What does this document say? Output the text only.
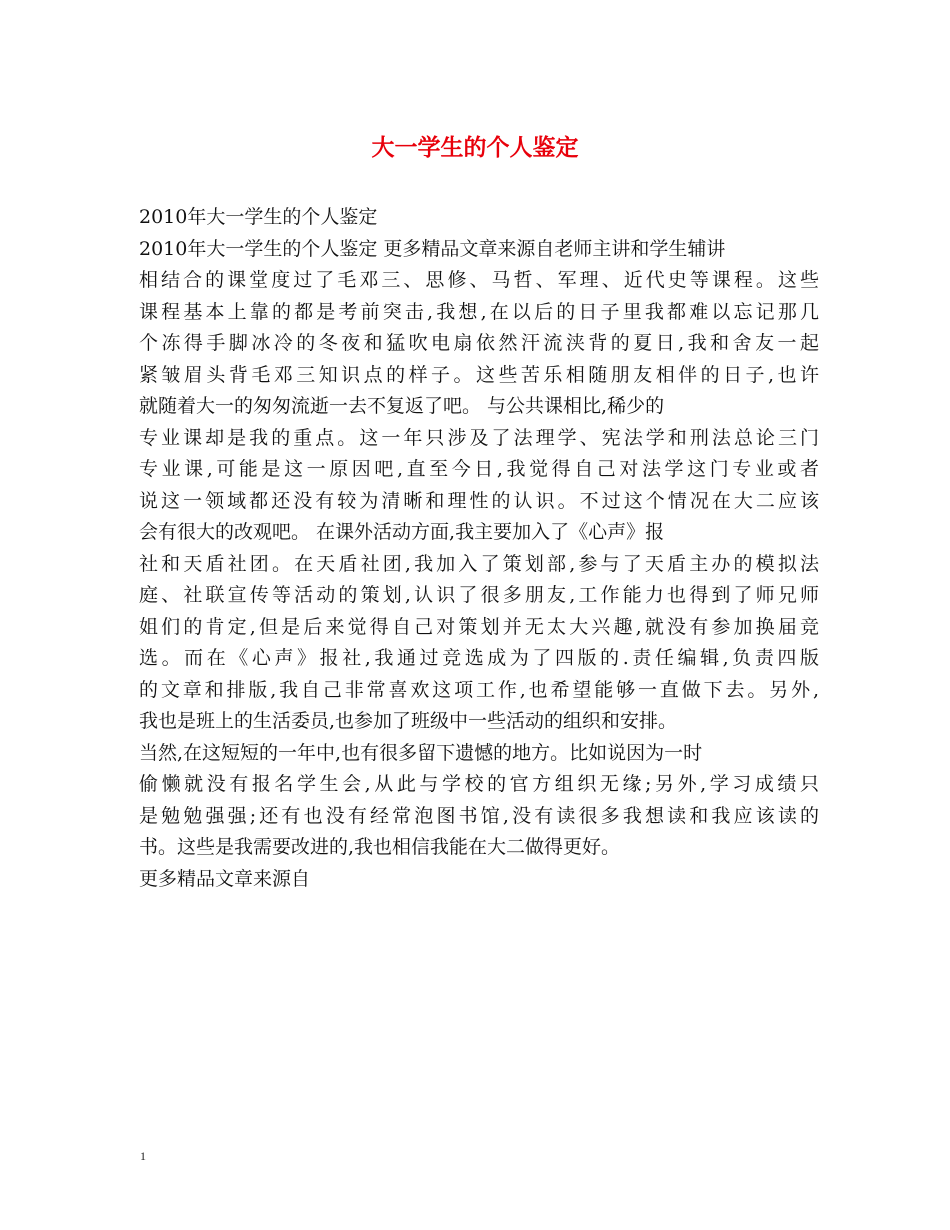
大一学生的个人鉴定
2010年大一学生的个人鉴定
2010年大一学生的个人鉴定 更多精品文章来源自老师主讲和学生辅讲
相结合的课堂度过了毛邓三、思修、马哲、军理、近代史等课程。这些
课程基本上靠的都是考前突击,我想,在以后的日子里我都难以忘记那几
个冻得手脚冰冷的冬夜和猛吹电扇依然汗流浃背的夏日,我和舍友一起
紧皱眉头背毛邓三知识点的样子。这些苦乐相随朋友相伴的日子,也许
就随着大一的匆匆流逝一去不复返了吧。 与公共课相比,稀少的
专业课却是我的重点。这一年只涉及了法理学、宪法学和刑法总论三门
专业课,可能是这一原因吧,直至今日,我觉得自己对法学这门专业或者
说这一领域都还没有较为清晰和理性的认识。不过这个情况在大二应该
会有很大的改观吧。 在课外活动方面,我主要加入了《心声》报
社和天盾社团。在天盾社团,我加入了策划部,参与了天盾主办的模拟法
庭、社联宣传等活动的策划,认识了很多朋友,工作能力也得到了师兄师
姐们的肯定,但是后来觉得自己对策划并无太大兴趣,就没有参加换届竞
选。而在《心声》报社,我通过竞选成为了四版的.责任编辑,负责四版
的文章和排版,我自己非常喜欢这项工作,也希望能够一直做下去。另外,
我也是班上的生活委员,也参加了班级中一些活动的组织和安排。
当然,在这短短的一年中,也有很多留下遗憾的地方。比如说因为一时
偷懒就没有报名学生会,从此与学校的官方组织无缘;另外,学习成绩只
是勉勉强强;还有也没有经常泡图书馆,没有读很多我想读和我应该读的
书。这些是我需要改进的,我也相信我能在大二做得更好。
更多精品文章来源自
1
